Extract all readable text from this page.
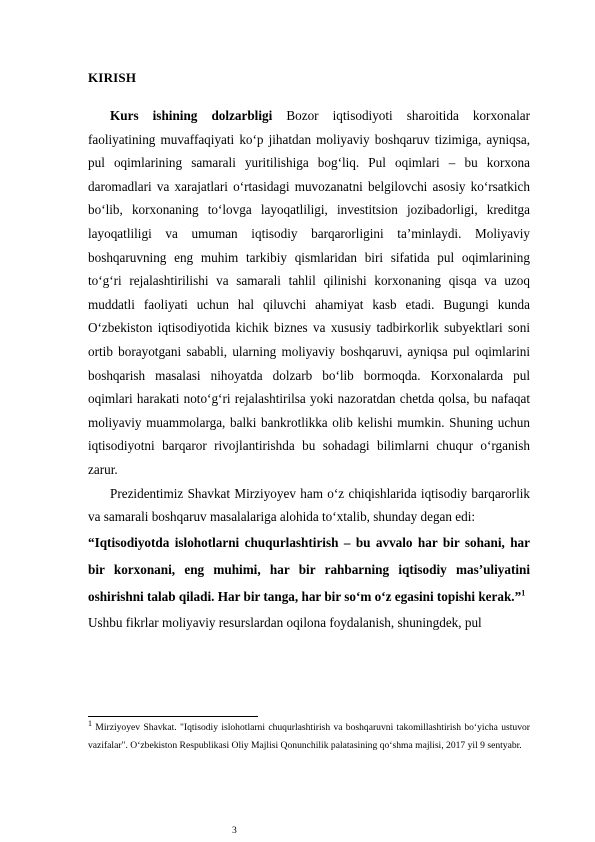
KIRISH

Kurs ishining dolzarbligi Bozor iqtisodiyoti sharoitida korxonalar faoliyatining muvaffaqiyati ko‘p jihatdan moliyaviy boshqaruv tizimiga, ayniqsa, pul oqimlarining samarali yuritilishiga bog‘liq. Pul oqimlari – bu korxona daromadlari va xarajatlari o‘rtasidagi muvozanatni belgilovchi asosiy ko‘rsatkich bo‘lib, korxonaning to‘lovga layoqatliligi, investitsion jozibadorligi, kreditga layoqatliligi va umuman iqtisodiy barqarorligini ta’minlaydi. Moliyaviy boshqaruvning eng muhim tarkibiy qismlaridan biri sifatida pul oqimlarining to‘g‘ri rejalashtirilishi va samarali tahlil qilinishi korxonaning qisqa va uzoq muddatli faoliyati uchun hal qiluvchi ahamiyat kasb etadi. Bugungi kunda O‘zbekiston iqtisodiyotida kichik biznes va xususiy tadbirkorlik subyektlari soni ortib borayotgani sababli, ularning moliyaviy boshqaruvi, ayniqsa pul oqimlarini boshqarish masalasi nihoyatda dolzarb bo‘lib bormoqda. Korxonalarda pul oqimlari harakati noto‘g‘ri rejalashtirilsa yoki nazoratdan chetda qolsa, bu nafaqat moliyaviy muammolarga, balki bankrotlikka olib kelishi mumkin. Shuning uchun iqtisodiyotni barqaror rivojlantirishda bu sohadagi bilimlarni chuqur o‘rganish zarur.

Prezidentimiz Shavkat Mirziyoyev ham o‘z chiqishlarida iqtisodiy barqarorlik va samarali boshqaruv masalalariga alohida to‘xtalib, shunday degan edi:

“Iqtisodiyotda islohotlarni chuqurlashtirish – bu avvalo har bir sohani, har bir korxonani, eng muhimi, har bir rahbarning iqtisodiy mas’uliyatini oshirishni talab qiladi. Har bir tanga, har bir so‘m o‘z egasini topishi kerak.”$^1$

Ushbu fikrlar moliyaviy resurslardan oqilona foydalanish, shuningdek, pul

$^1$ Mirziyoyev Shavkat. "Iqtisodiy islohotlarni chuqurlashtirish va boshqaruvni takomillashtirish bo‘yicha ustuvor vazifalar". O‘zbekiston Respublikasi Oliy Majlisi Qonunchilik palatasining qo‘shma majlisi, 2017 yil 9 sentyabr.
3
